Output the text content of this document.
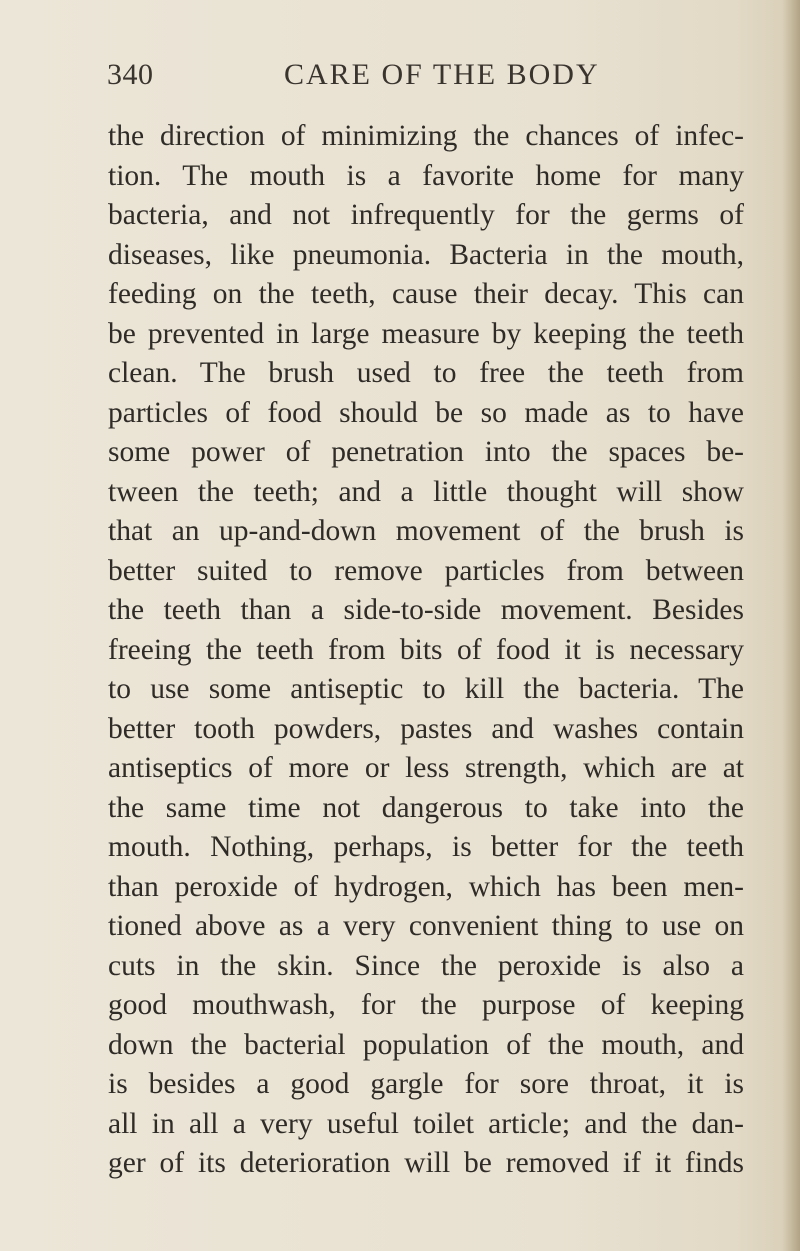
340	CARE OF THE BODY
the direction of minimizing the chances of infec-
tion. The mouth is a favorite home for many
bacteria, and not infrequently for the germs of
diseases, like pneumonia. Bacteria in the mouth,
feeding on the teeth, cause their decay. This can
be prevented in large measure by keeping the teeth
clean. The brush used to free the teeth from
particles of food should be so made as to have
some power of penetration into the spaces be-
tween the teeth; and a little thought will show
that an up-and-down movement of the brush is
better suited to remove particles from between
the teeth than a side-to-side movement. Besides
freeing the teeth from bits of food it is necessary
to use some antiseptic to kill the bacteria. The
better tooth powders, pastes and washes contain
antiseptics of more or less strength, which are at
the same time not dangerous to take into the
mouth. Nothing, perhaps, is better for the teeth
than peroxide of hydrogen, which has been men-
tioned above as a very convenient thing to use on
cuts in the skin. Since the peroxide is also a
good mouthwash, for the purpose of keeping
down the bacterial population of the mouth, and
is besides a good gargle for sore throat, it is
all in all a very useful toilet article; and the dan-
ger of its deterioration will be removed if it finds
